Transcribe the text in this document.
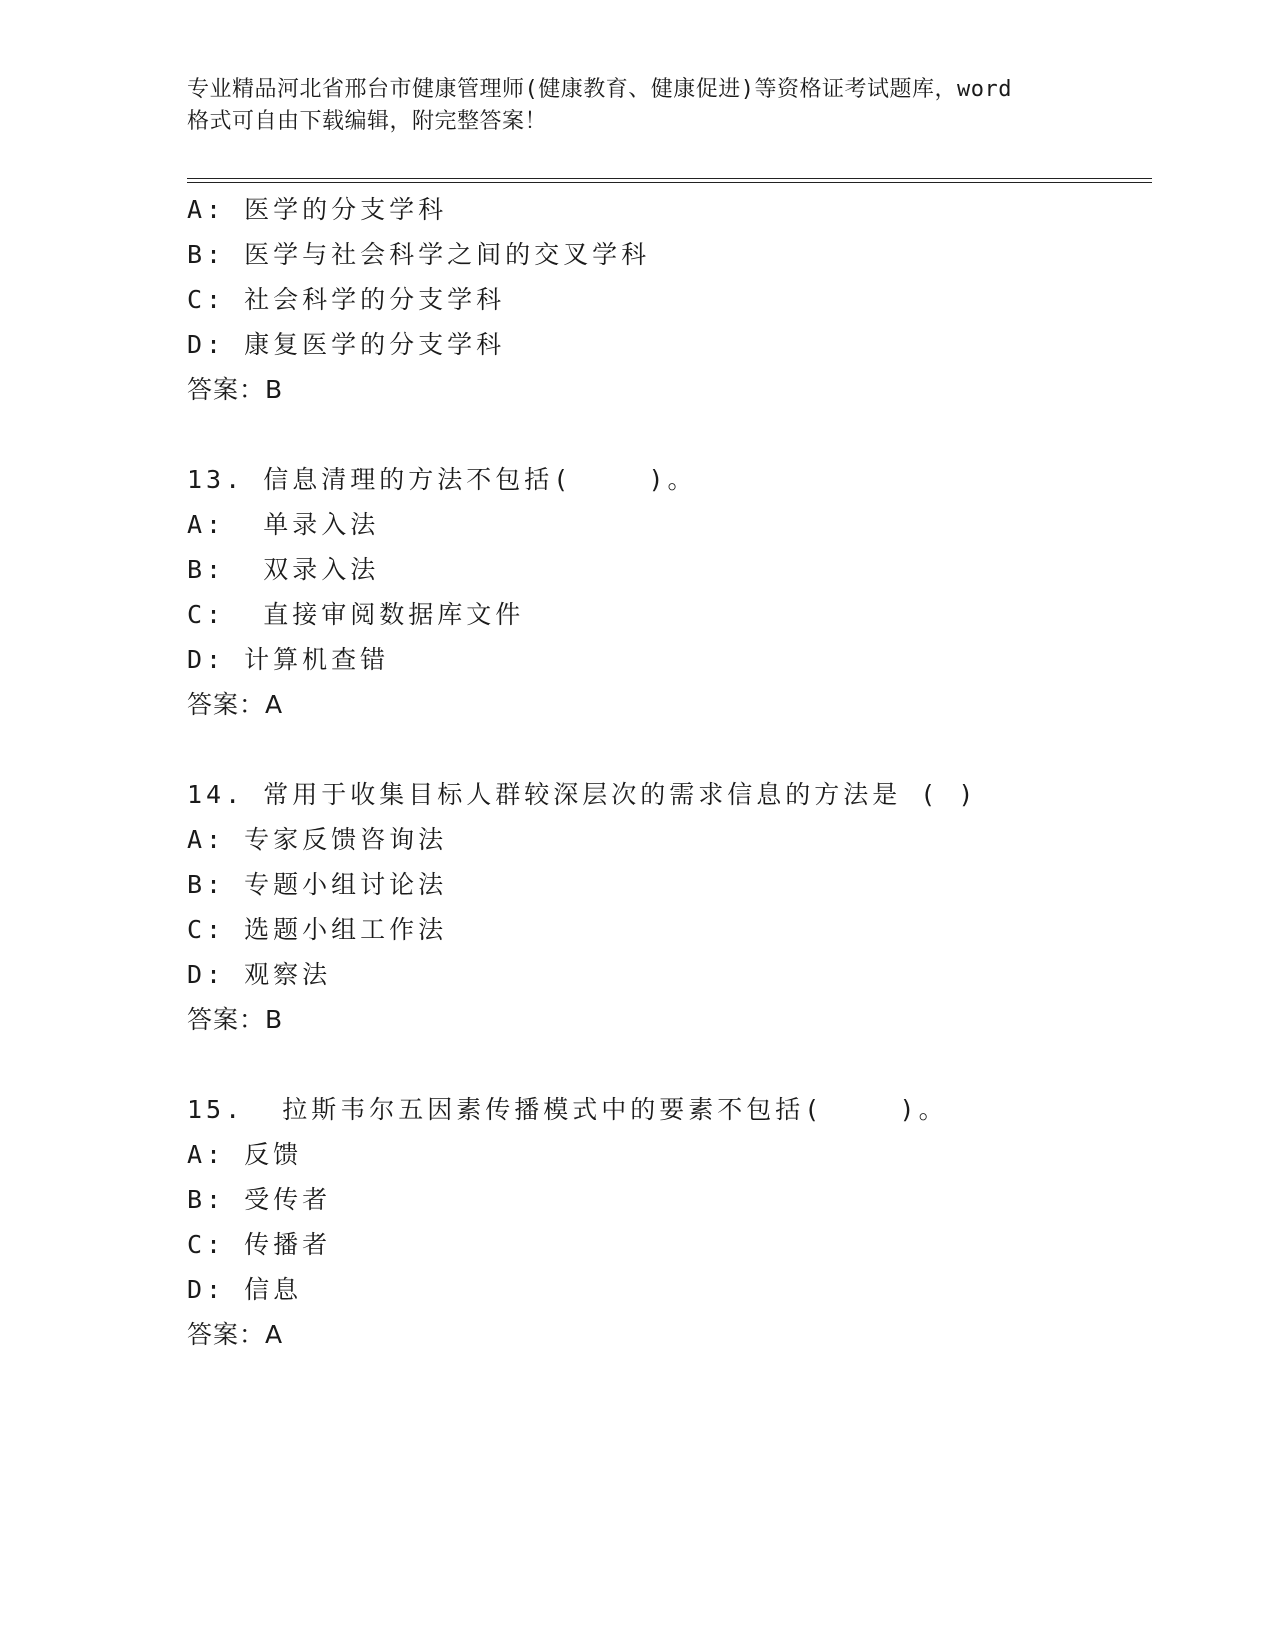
专业精品河北省邢台市健康管理师(健康教育、健康促进)等资格证考试题库，word
格式可自由下载编辑，附完整答案！
A: 医学的分支学科
B: 医学与社会科学之间的交叉学科
C: 社会科学的分支学科
D: 康复医学的分支学科
答案：B
13. 信息清理的方法不包括(    )。
A:  单录入法
B:  双录入法
C:  直接审阅数据库文件
D: 计算机查错
答案：A
14. 常用于收集目标人群较深层次的需求信息的方法是 ( )
A: 专家反馈咨询法
B: 专题小组讨论法
C: 选题小组工作法
D: 观察法
答案：B
15.  拉斯韦尔五因素传播模式中的要素不包括(    )。
A: 反馈
B: 受传者
C: 传播者
D: 信息
答案：A
